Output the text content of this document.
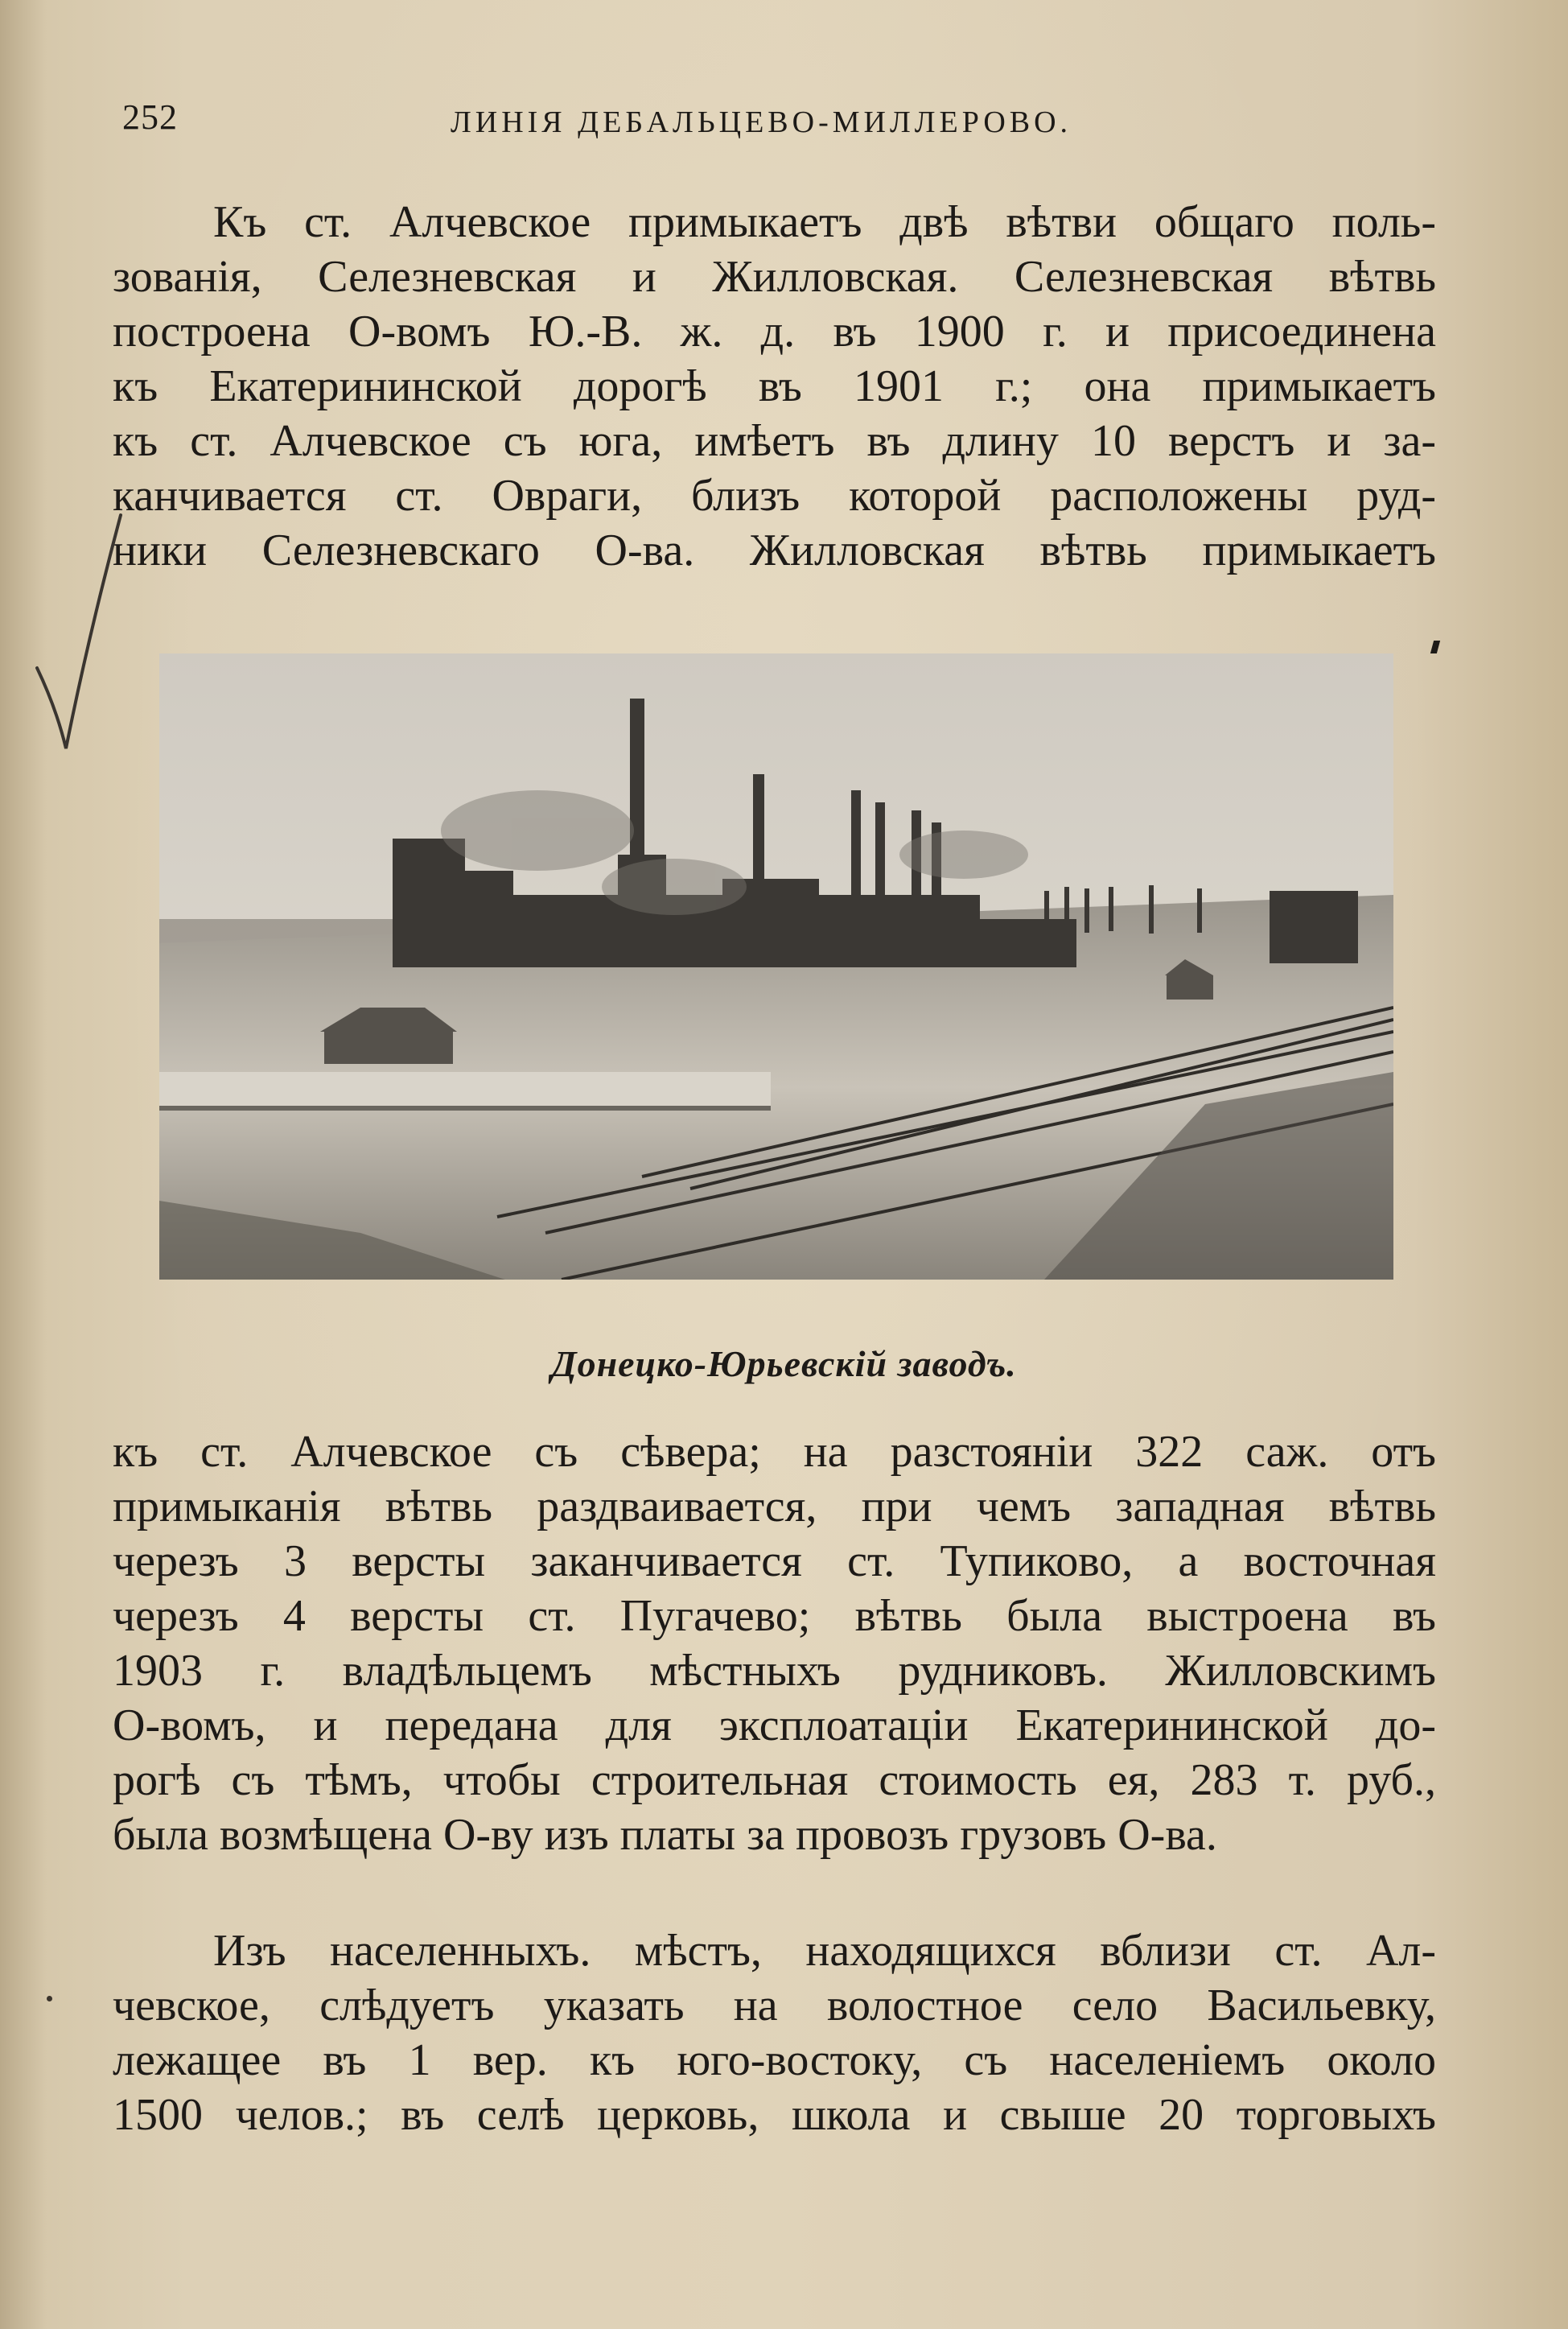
252	ЛИНІЯ ДЕБАЛЬЦЕВО-МИЛЛЕРОВО.
Къ ст. Алчевское примыкаетъ двѣ вѣтви общаго поль-
зованія, Селезневская и Жилловская. Селезневская вѣтвь
построена О-вомъ Ю.-В. ж. д. въ 1900 г. и присоединена
къ Екатерининской дорогѣ въ 1901 г.; она примыкаетъ
къ ст. Алчевское съ юга, имѣетъ въ длину 10 верстъ и за-
канчивается ст. Овраги, близъ которой расположены руд-
ники Селезневскаго О-ва. Жилловская вѣтвь примыкаетъ
Донецко-Юрьевскій заводъ.
къ ст. Алчевское съ сѣвера; на разстояніи 322 саж. отъ
примыканія вѣтвь раздваивается, при чемъ западная вѣтвь
черезъ 3 версты заканчивается ст. Тупиково, а восточная
черезъ 4 версты ст. Пугачево; вѣтвь была выстроена въ
1903 г. владѣльцемъ мѣстныхъ рудниковъ. Жилловскимъ
О-вомъ, и передана для эксплоатаціи Екатерининской до-
рогѣ съ тѣмъ, чтобы строительная стоимость ея, 283 т. руб.,
была возмѣщена О-ву изъ платы за провозъ грузовъ О-ва.
Изъ населенныхъ. мѣстъ, находящихся вблизи ст. Ал-
чевское, слѣдуетъ указать на волостное село Васильевку,
лежащее въ 1 вер. къ юго-востоку, съ населеніемъ около
1500 челов.; въ селѣ церковь, школа и свыше 20 торговыхъ
